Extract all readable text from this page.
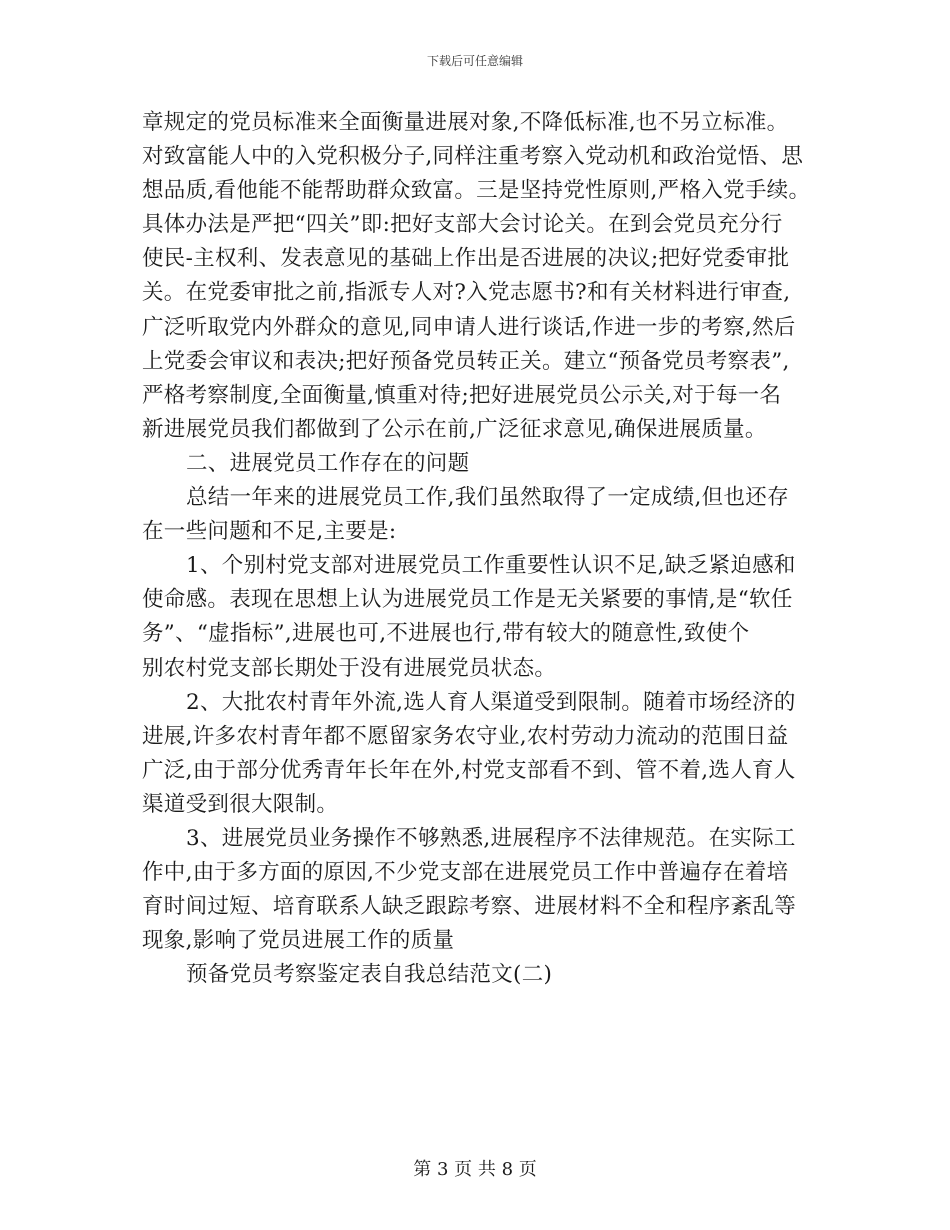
下载后可任意编辑
章规定的党员标准来全面衡量进展对象,不降低标准,也不另立标准。
对致富能人中的入党积极分子,同样注重考察入党动机和政治觉悟、思
想品质,看他能不能帮助群众致富。三是坚持党性原则,严格入党手续。
具体办法是严把“四关”即:把好支部大会讨论关。在到会党员充分行
使民-主权利、发表意见的基础上作出是否进展的决议;把好党委审批
关。在党委审批之前,指派专人对?入党志愿书?和有关材料进行审查,
广泛听取党内外群众的意见,同申请人进行谈话,作进一步的考察,然后
上党委会审议和表决;把好预备党员转正关。建立“预备党员考察表”,
严格考察制度,全面衡量,慎重对待;把好进展党员公示关,对于每一名
新进展党员我们都做到了公示在前,广泛征求意见,确保进展质量。
二、进展党员工作存在的问题
总结一年来的进展党员工作,我们虽然取得了一定成绩,但也还存
在一些问题和不足,主要是:
1、个别村党支部对进展党员工作重要性认识不足,缺乏紧迫感和
使命感。表现在思想上认为进展党员工作是无关紧要的事情,是“软任
务”、“虚指标”,进展也可,不进展也行,带有较大的随意性,致使个
别农村党支部长期处于没有进展党员状态。
2、大批农村青年外流,选人育人渠道受到限制。随着市场经济的
进展,许多农村青年都不愿留家务农守业,农村劳动力流动的范围日益
广泛,由于部分优秀青年长年在外,村党支部看不到、管不着,选人育人
渠道受到很大限制。
3、进展党员业务操作不够熟悉,进展程序不法律规范。在实际工
作中,由于多方面的原因,不少党支部在进展党员工作中普遍存在着培
育时间过短、培育联系人缺乏跟踪考察、进展材料不全和程序紊乱等
现象,影响了党员进展工作的质量
预备党员考察鉴定表自我总结范文(二)
第 3 页 共 8 页
